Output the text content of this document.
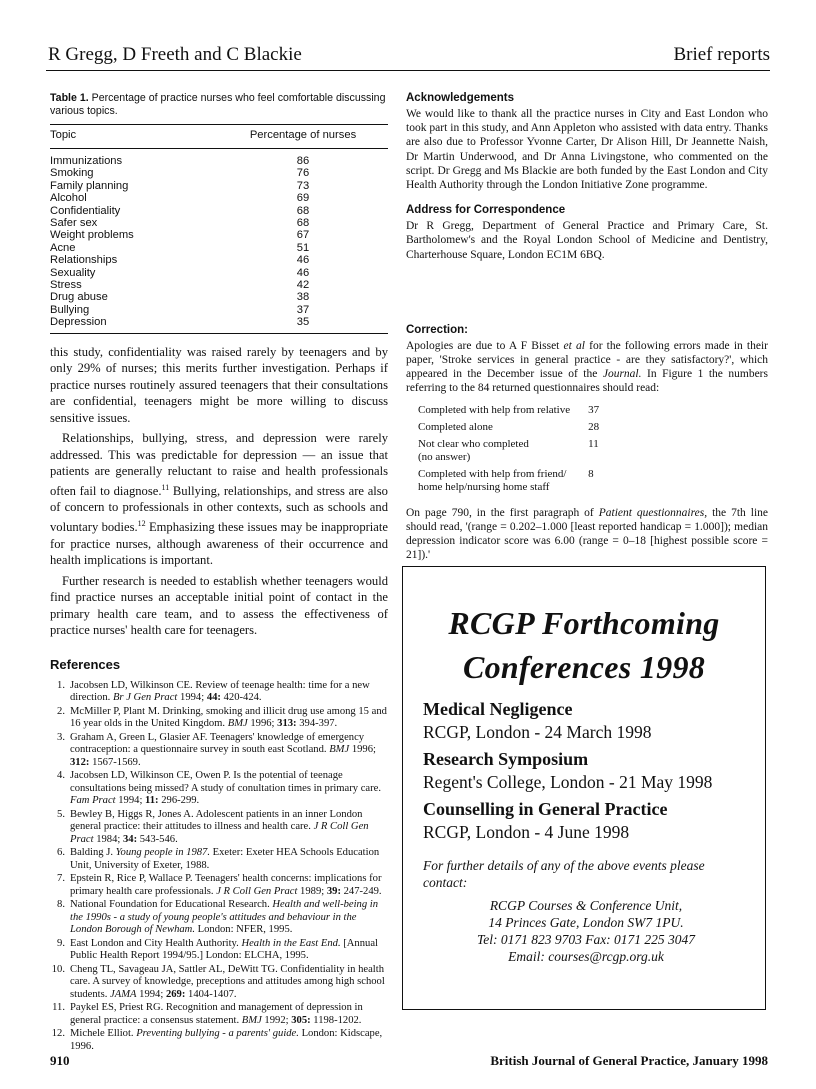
R Gregg, D Freeth and C Blackie	Brief reports
Table 1. Percentage of practice nurses who feel comfortable discussing various topics.
Topic	Percentage of nurses
Immunizations	86
Smoking	76
Family planning	73
Alcohol	69
Confidentiality	68
Safer sex	68
Weight problems	67
Acne	51
Relationships	46
Sexuality	46
Stress	42
Drug abuse	38
Bullying	37
Depression	35

this study, confidentiality was raised rarely by teenagers and by only 29% of nurses; this merits further investigation. Perhaps if practice nurses routinely assured teenagers that their consultations are confidential, teenagers might be more willing to discuss sensitive issues.

Relationships, bullying, stress, and depression were rarely addressed. This was predictable for depression — an issue that patients are generally reluctant to raise and health professionals often fail to diagnose.$^{11}$ Bullying, relationships, and stress are also of concern to professionals in other contexts, such as schools and voluntary bodies.$^{12}$ Emphasizing these issues may be inappropriate for practice nurses, although awareness of their occurrence and health implications is important.

Further research is needed to establish whether teenagers would find practice nurses an acceptable initial point of contact in the primary health care team, and to assess the effectiveness of practice nurses' health care for teenagers.

References
1. Jacobsen LD, Wilkinson CE. Review of teenage health: time for a new direction. Br J Gen Pract 1994; 44: 420-424.
2. McMiller P, Plant M. Drinking, smoking and illicit drug use among 15 and 16 year olds in the United Kingdom. BMJ 1996; 313: 394-397.
3. Graham A, Green L, Glasier AF. Teenagers' knowledge of emergency contraception: a questionnaire survey in south east Scotland. BMJ 1996; 312: 1567-1569.
4. Jacobsen LD, Wilkinson CE, Owen P. Is the potential of teenage consultations being missed? A study of conultation times in primary care. Fam Pract 1994; 11: 296-299.
5. Bewley B, Higgs R, Jones A. Adolescent patients in an inner London general practice: their attitudes to illness and health care. J R Coll Gen Pract 1984; 34: 543-546.
6. Balding J. Young people in 1987. Exeter: Exeter HEA Schools Education Unit, University of Exeter, 1988.
7. Epstein R, Rice P, Wallace P. Teenagers' health concerns: implications for primary health care professionals. J R Coll Gen Pract 1989; 39: 247-249.
8. National Foundation for Educational Research. Health and well-being in the 1990s - a study of young people's attitudes and behaviour in the London Borough of Newham. London: NFER, 1995.
9. East London and City Health Authority. Health in the East End. [Annual Public Health Report 1994/95.] London: ELCHA, 1995.
10. Cheng TL, Savageau JA, Sattler AL, DeWitt TG. Confidentiality in health care. A survey of knowledge, preceptions and attitudes among high school students. JAMA 1994; 269: 1404-1407.
11. Paykel ES, Priest RG. Recognition and management of depression in general practice: a consensus statement. BMJ 1992; 305: 1198-1202.
12. Michele Elliot. Preventing bullying - a parents' guide. London: Kidscape, 1996.
Acknowledgements

We would like to thank all the practice nurses in City and East London who took part in this study, and Ann Appleton who assisted with data entry. Thanks are also due to Professor Yvonne Carter, Dr Alison Hill, Dr Jeannette Naish, Dr Martin Underwood, and Dr Anna Livingstone, who commented on the script. Dr Gregg and Ms Blackie are both funded by the East London and City Health Authority through the London Initiative Zone programme.

Address for Correspondence

Dr R Gregg, Department of General Practice and Primary Care, St. Bartholomew's and the Royal London School of Medicine and Dentistry, Charterhouse Square, London EC1M 6BQ.

Correction:

Apologies are due to A F Bisset et al for the following errors made in their paper, 'Stroke services in general practice - are they satisfactory?', which appeared in the December issue of the Journal. In Figure 1 the numbers referring to the 84 returned questionnaires should read:

Completed with help from relative	37
Completed alone	28
Not clear who completed	11
(no answer)	
Completed with help from friend/	8
home help/nursing home staff	

On page 790, in the first paragraph of Patient questionnaires, the 7th line should read, '(range = 0.202–1.000 [least reported handicap = 1.000]); median depression indicator score was 6.00 (range = 0–18 [highest possible score = 21]).'

RCGP Forthcoming
Conferences 1998
Medical Negligence
RCGP, London - 24 March 1998
Research Symposium
Regent's College, London - 21 May 1998
Counselling in General Practice
RCGP, London - 4 June 1998
For further details of any of the above events please contact:
RCGP Courses & Conference Unit,
14 Princes Gate, London SW7 1PU.
Tel: 0171 823 9703 Fax: 0171 225 3047
Email: courses@rcgp.org.uk
910	British Journal of General Practice, January 1998
